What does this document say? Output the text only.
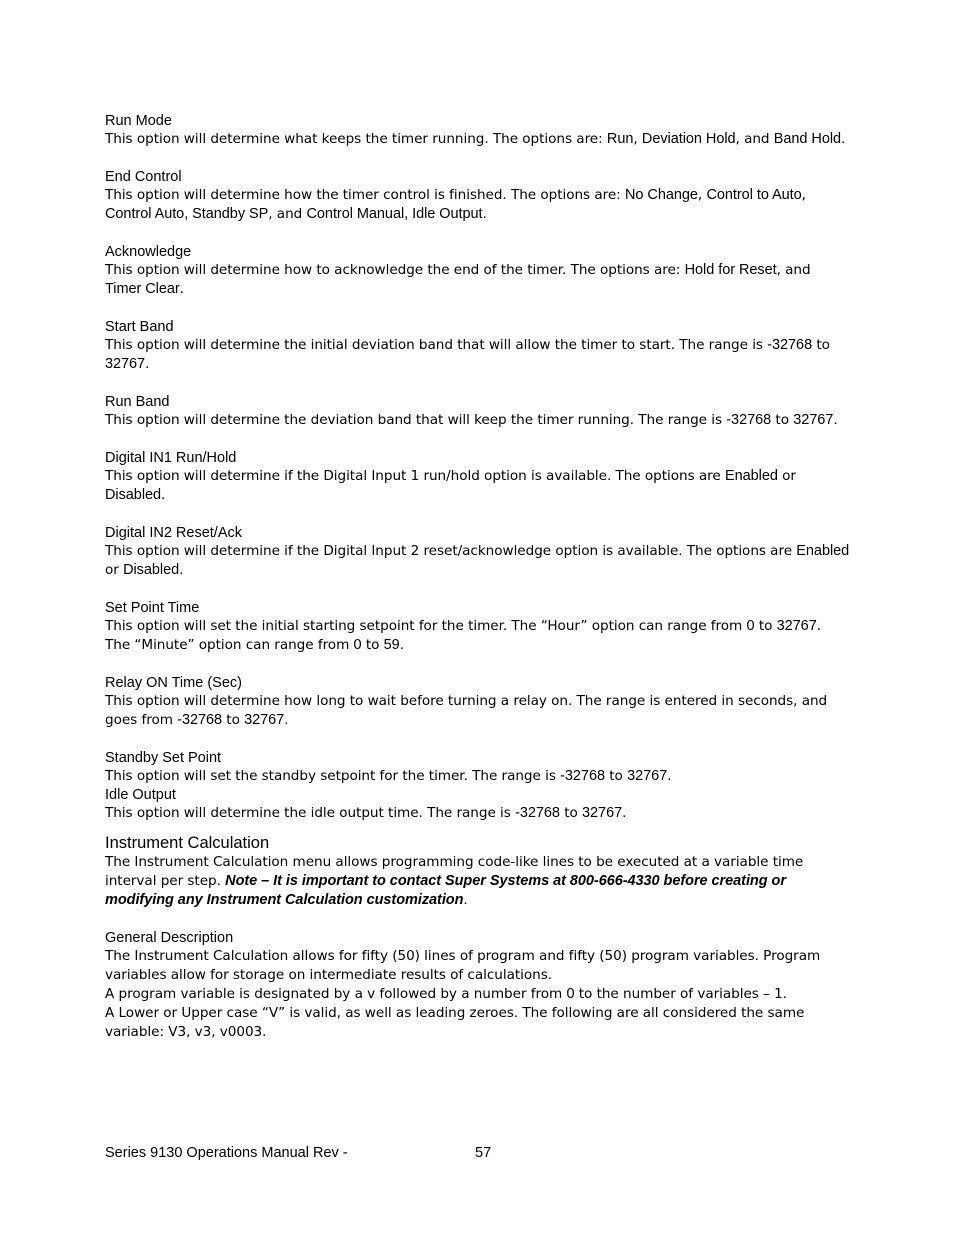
Run Mode
This option will determine what keeps the timer running. The options are: Run, Deviation Hold, and Band Hold.
End Control
This option will determine how the timer control is finished. The options are: No Change, Control to Auto, Control Auto, Standby SP, and Control Manual, Idle Output.
Acknowledge
This option will determine how to acknowledge the end of the timer. The options are: Hold for Reset, and Timer Clear.
Start Band
This option will determine the initial deviation band that will allow the timer to start. The range is -32768 to 32767.
Run Band
This option will determine the deviation band that will keep the timer running. The range is -32768 to 32767.
Digital IN1 Run/Hold
This option will determine if the Digital Input 1 run/hold option is available. The options are Enabled or Disabled.
Digital IN2 Reset/Ack
This option will determine if the Digital Input 2 reset/acknowledge option is available. The options are Enabled or Disabled.
Set Point Time
This option will set the initial starting setpoint for the timer. The “Hour” option can range from 0 to 32767. The “Minute” option can range from 0 to 59.
Relay ON Time (Sec)
This option will determine how long to wait before turning a relay on. The range is entered in seconds, and goes from -32768 to 32767.
Standby Set Point
This option will set the standby setpoint for the timer. The range is -32768 to 32767.
Idle Output
This option will determine the idle output time. The range is -32768 to 32767.
Instrument Calculation
The Instrument Calculation menu allows programming code-like lines to be executed at a variable time interval per step. Note – It is important to contact Super Systems at 800-666-4330 before creating or modifying any Instrument Calculation customization.
General Description
The Instrument Calculation allows for fifty (50) lines of program and fifty (50) program variables. Program variables allow for storage on intermediate results of calculations.
A program variable is designated by a v followed by a number from 0 to the number of variables – 1.
A Lower or Upper case “V” is valid, as well as leading zeroes. The following are all considered the same variable: V3, v3, v0003.
Series 9130 Operations Manual Rev -	57
